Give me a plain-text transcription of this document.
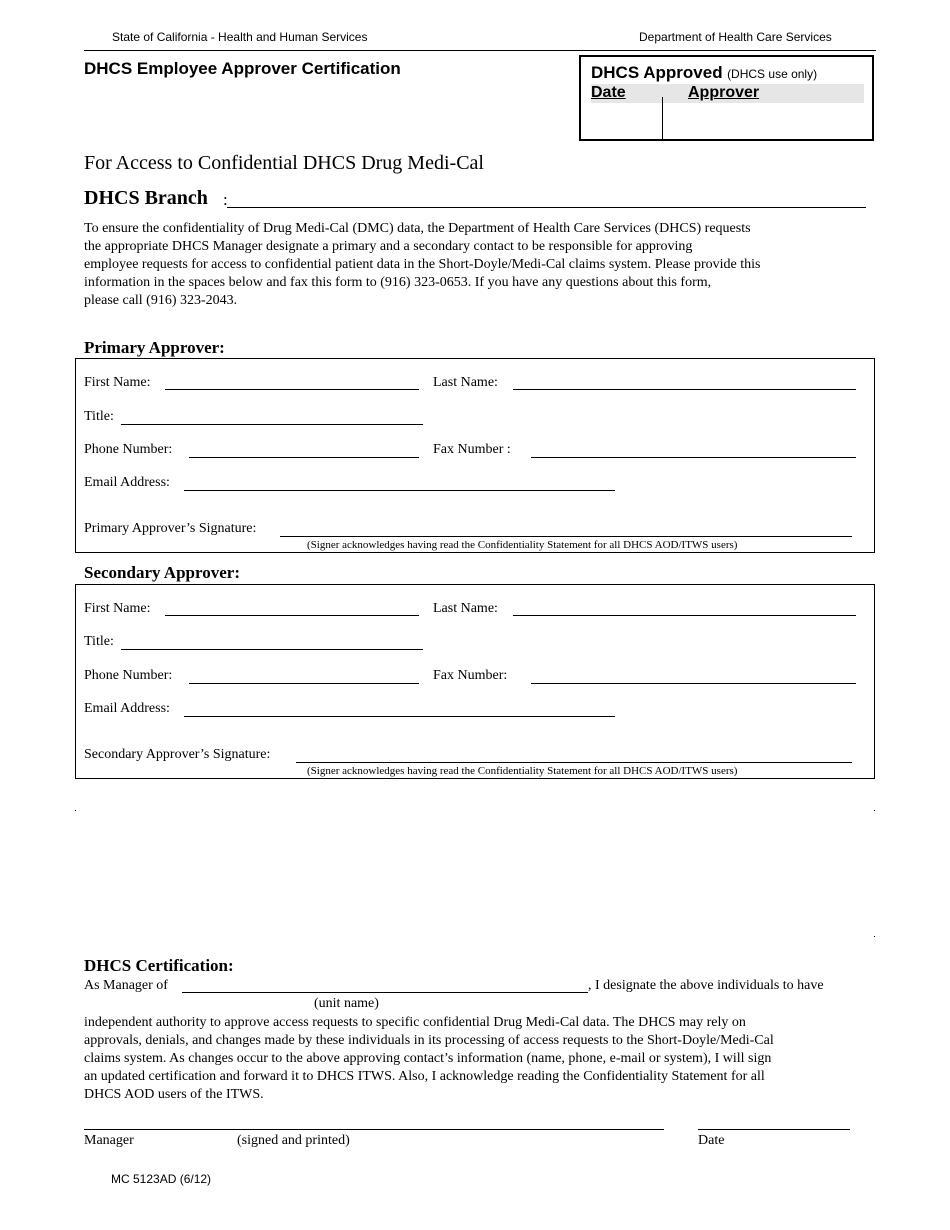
State of California - Health and Human Services	Department of Health Care Services
DHCS Employee Approver Certification	DHCS Approved (DHCS use only)
Date	Approver
For Access to Confidential DHCS Drug Medi-Cal
DHCS Branch :
To ensure the confidentiality of Drug Medi-Cal (DMC) data, the Department of Health Care Services (DHCS) requests
the appropriate DHCS Manager designate a primary and a secondary contact to be responsible for approving
employee requests for access to confidential patient data in the Short-Doyle/Medi-Cal claims system. Please provide this
information in the spaces below and fax this form to (916) 323-0653. If you have any questions about this form,
please call (916) 323-2043.
Primary Approver:
First Name:	Last Name:
Title:
Phone Number:	Fax Number :
Email Address:
Primary Approver’s Signature:
(Signer acknowledges having read the Confidentiality Statement for all DHCS AOD/ITWS users)
Secondary Approver:
First Name:	Last Name:
Title:
Phone Number:	Fax Number:
Email Address:
Secondary Approver’s Signature:
(Signer acknowledges having read the Confidentiality Statement for all DHCS AOD/ITWS users)
DHCS Certification:
As Manager of	, I designate the above individuals to have
(unit name)
independent authority to approve access requests to specific confidential Drug Medi-Cal data. The DHCS may rely on
approvals, denials, and changes made by these individuals in its processing of access requests to the Short-Doyle/Medi-Cal
claims system. As changes occur to the above approving contact’s information (name, phone, e-mail or system), I will sign
an updated certification and forward it to DHCS ITWS. Also, I acknowledge reading the Confidentiality Statement for all
DHCS AOD users of the ITWS.
Manager	(signed and printed)	Date
MC 5123AD (6/12)
